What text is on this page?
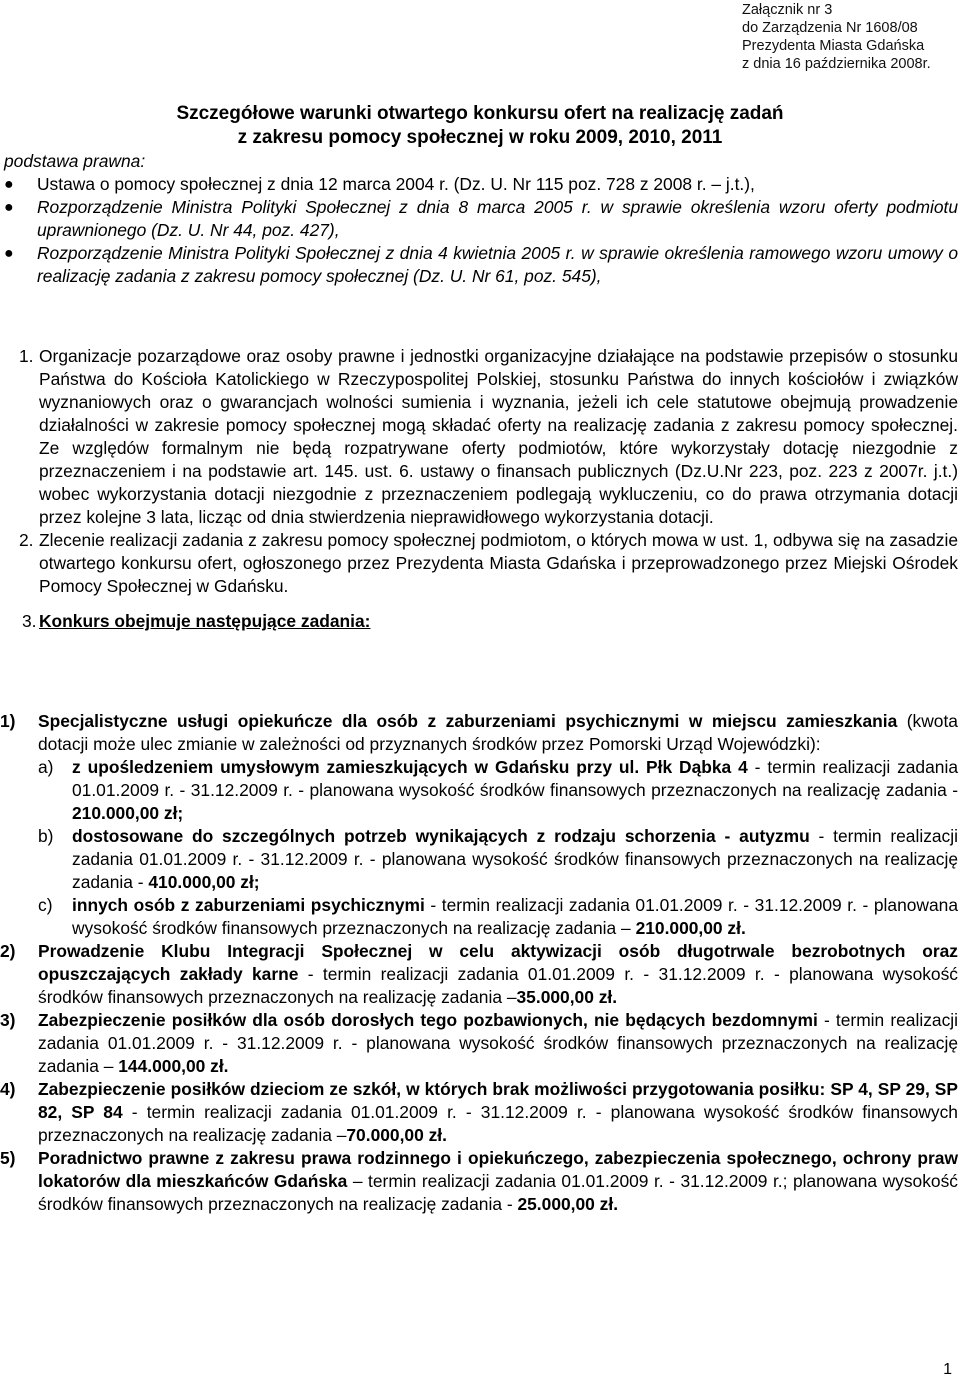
Załącznik nr 3
do Zarządzenia Nr 1608/08
Prezydenta Miasta Gdańska
z dnia 16 października 2008r.
Szczegółowe warunki otwartego konkursu ofert na realizację zadań
z zakresu pomocy społecznej w roku 2009, 2010, 2011
podstawa prawna:
● Ustawa o pomocy społecznej z dnia 12 marca 2004 r. (Dz. U. Nr 115 poz. 728 z 2008 r. – j.t.),
● Rozporządzenie Ministra Polityki Społecznej z dnia 8 marca 2005 r. w sprawie określenia wzoru oferty podmiotu uprawnionego (Dz. U. Nr 44, poz. 427),
● Rozporządzenie Ministra Polityki Społecznej z dnia 4 kwietnia 2005 r. w sprawie określenia ramowego wzoru umowy o realizację zadania z zakresu pomocy społecznej (Dz. U. Nr 61, poz. 545),
1. Organizacje pozarządowe oraz osoby prawne i jednostki organizacyjne działające na podstawie przepisów o stosunku Państwa do Kościoła Katolickiego w Rzeczypospolitej Polskiej, stosunku Państwa do innych kościołów i związków wyznaniowych oraz o gwarancjach wolności sumienia i wyznania, jeżeli ich cele statutowe obejmują prowadzenie działalności w zakresie pomocy społecznej mogą składać oferty na realizację zadania z zakresu pomocy społecznej. Ze względów formalnym nie będą rozpatrywane oferty podmiotów, które wykorzystały dotację niezgodnie z przeznaczeniem i na podstawie art. 145. ust. 6. ustawy o finansach publicznych (Dz.U.Nr 223, poz. 223 z 2007r. j.t.) wobec wykorzystania dotacji niezgodnie z przeznaczeniem podlegają wykluczeniu, co do prawa otrzymania dotacji przez kolejne 3 lata, licząc od dnia stwierdzenia nieprawidłowego wykorzystania dotacji.
2. Zlecenie realizacji zadania z zakresu pomocy społecznej podmiotom, o których mowa w ust. 1, odbywa się na zasadzie otwartego konkursu ofert, ogłoszonego przez Prezydenta Miasta Gdańska i przeprowadzonego przez Miejski Ośrodek Pomocy Społecznej w Gdańsku.
3. Konkurs obejmuje następujące zadania:
1) Specjalistyczne usługi opiekuńcze dla osób z zaburzeniami psychicznymi w miejscu zamieszkania (kwota dotacji może ulec zmianie w zależności od przyznanych środków przez Pomorski Urząd Wojewódzki):
a) z upośledzeniem umysłowym zamieszkujących w Gdańsku przy ul. Płk Dąbka 4 - termin realizacji zadania 01.01.2009 r. - 31.12.2009 r. - planowana wysokość środków finansowych przeznaczonych na realizację zadania - 210.000,00 zł;
b) dostosowane do szczególnych potrzeb wynikających z rodzaju schorzenia - autyzmu - termin realizacji zadania 01.01.2009 r. - 31.12.2009 r. - planowana wysokość środków finansowych przeznaczonych na realizację zadania - 410.000,00 zł;
c) innych osób z zaburzeniami psychicznymi - termin realizacji zadania 01.01.2009 r. - 31.12.2009 r. - planowana wysokość środków finansowych przeznaczonych na realizację zadania – 210.000,00 zł.
2) Prowadzenie Klubu Integracji Społecznej w celu aktywizacji osób długotrwale bezrobotnych oraz opuszczających zakłady karne - termin realizacji zadania 01.01.2009 r. - 31.12.2009 r. - planowana wysokość środków finansowych przeznaczonych na realizację zadania –35.000,00 zł.
3) Zabezpieczenie posiłków dla osób dorosłych tego pozbawionych, nie będących bezdomnymi - termin realizacji zadania 01.01.2009 r. - 31.12.2009 r. - planowana wysokość środków finansowych przeznaczonych na realizację zadania – 144.000,00 zł.
4) Zabezpieczenie posiłków dzieciom ze szkół, w których brak możliwości przygotowania posiłku: SP 4, SP 29, SP 82, SP 84 - termin realizacji zadania 01.01.2009 r. - 31.12.2009 r. - planowana wysokość środków finansowych przeznaczonych na realizację zadania –70.000,00 zł.
5) Poradnictwo prawne z zakresu prawa rodzinnego i opiekuńczego, zabezpieczenia społecznego, ochrony praw lokatorów dla mieszkańców Gdańska – termin realizacji zadania 01.01.2009 r. - 31.12.2009 r.; planowana wysokość środków finansowych przeznaczonych na realizację zadania - 25.000,00 zł.
1
